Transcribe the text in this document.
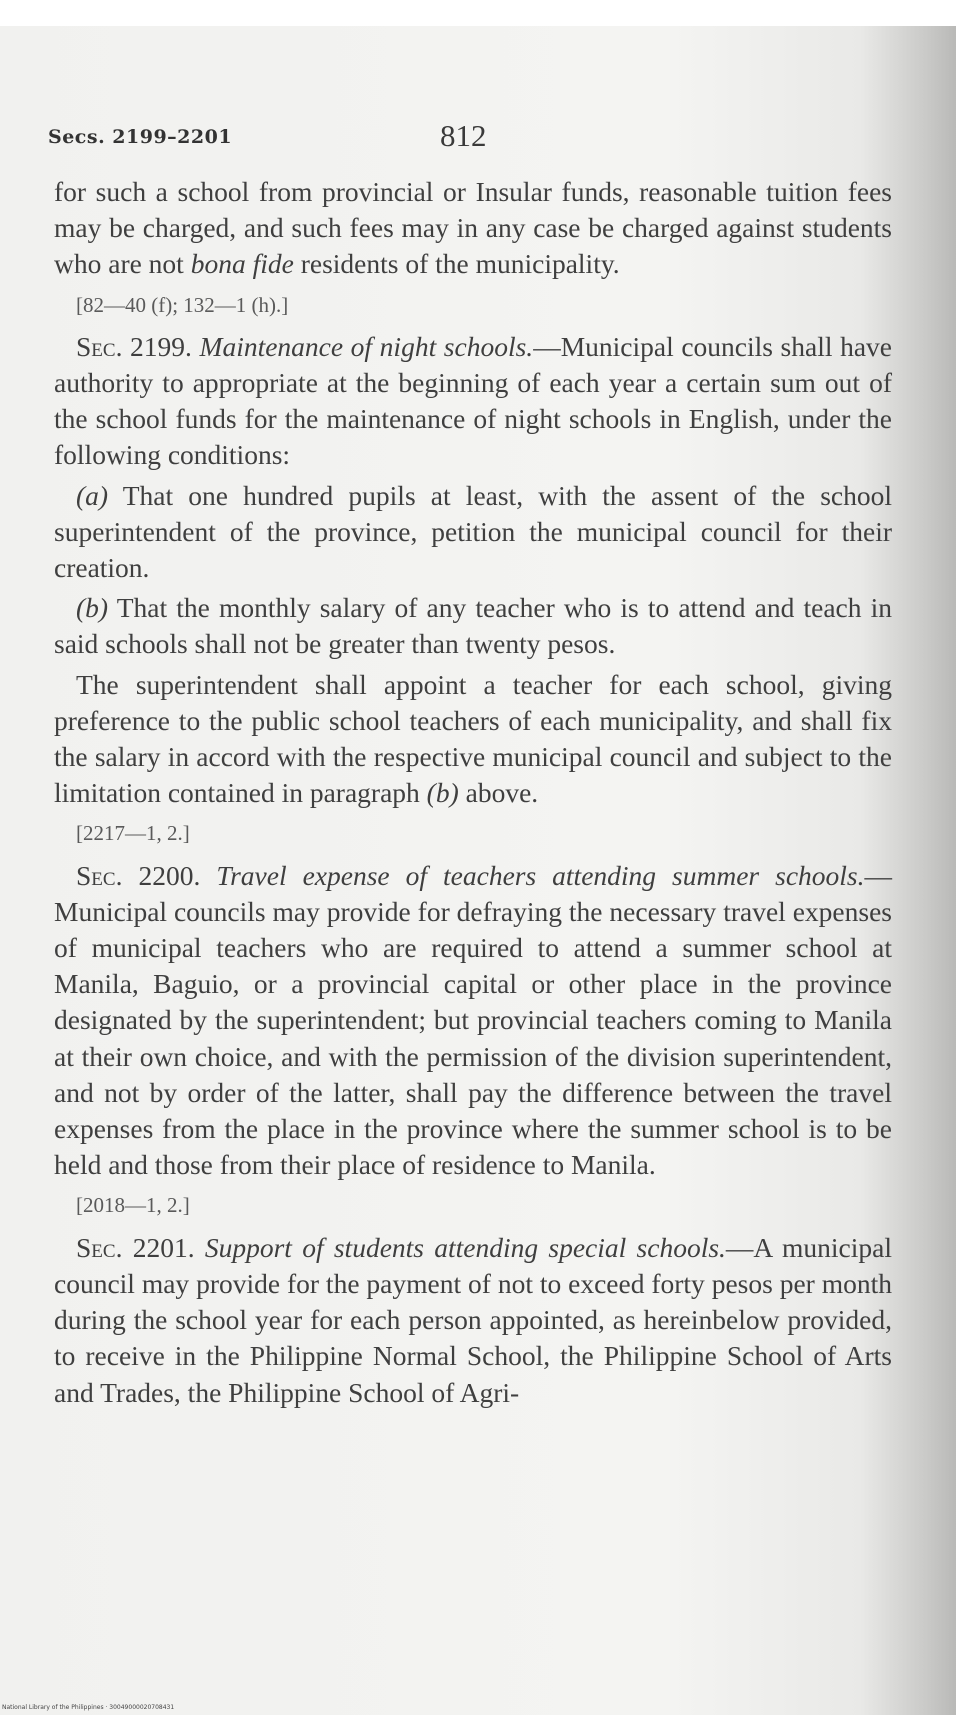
Secs. 2199–2201	812

for such a school from provincial or Insular funds, reasonable tuition fees may be charged, and such fees may in any case be charged against students who are not bona fide residents of the municipality.

[82—40 (f); 132—1 (h).]

Sec. 2199. Maintenance of night schools.—Municipal councils shall have authority to appropriate at the beginning of each year a certain sum out of the school funds for the maintenance of night schools in English, under the following conditions:

(a) That one hundred pupils at least, with the assent of the school superintendent of the province, petition the municipal council for their creation.

(b) That the monthly salary of any teacher who is to attend and teach in said schools shall not be greater than twenty pesos.

The superintendent shall appoint a teacher for each school, giving preference to the public school teachers of each municipality, and shall fix the salary in accord with the respective municipal council and subject to the limitation contained in paragraph (b) above.

[2217—1, 2.]

Sec. 2200. Travel expense of teachers attending summer schools.—Municipal councils may provide for defraying the necessary travel expenses of municipal teachers who are required to attend a summer school at Manila, Baguio, or a provincial capital or other place in the province designated by the superintendent; but provincial teachers coming to Manila at their own choice, and with the permission of the division superintendent, and not by order of the latter, shall pay the difference between the travel expenses from the place in the province where the summer school is to be held and those from their place of residence to Manila.

[2018—1, 2.]

Sec. 2201. Support of students attending special schools.—A municipal council may provide for the payment of not to exceed forty pesos per month during the school year for each person appointed, as hereinbelow provided, to receive in the Philippine Normal School, the Philippine School of Arts and Trades, the Philippine School of Agri-

National Library of the Philippines · 30049000020708431
